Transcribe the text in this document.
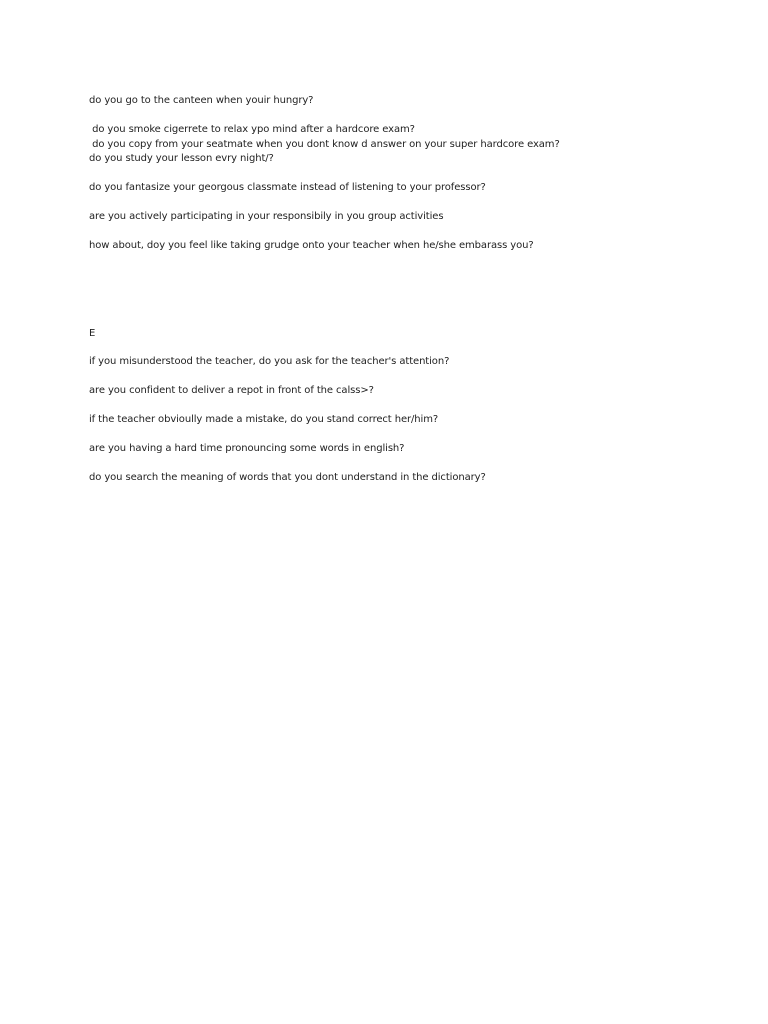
do you go to the canteen when youir hungry?
do you smoke cigerrete to relax ypo mind after a hardcore exam?
do you copy from your seatmate when you dont know d answer on your super hardcore exam?
do you study your lesson evry night/?
do you fantasize your georgous classmate instead of listening to your professor?
are you actively participating in your responsibily in you group activities
how about, doy you feel like taking grudge onto your teacher when he/she embarass you?
E
if you misunderstood the teacher, do you ask for the teacher's attention?
are you confident to deliver a repot in front of the calss>?
if the teacher obvioully made a mistake, do you stand correct her/him?
are you having a hard time pronouncing some words in english?
do you search the meaning of words that you dont understand in the dictionary?
